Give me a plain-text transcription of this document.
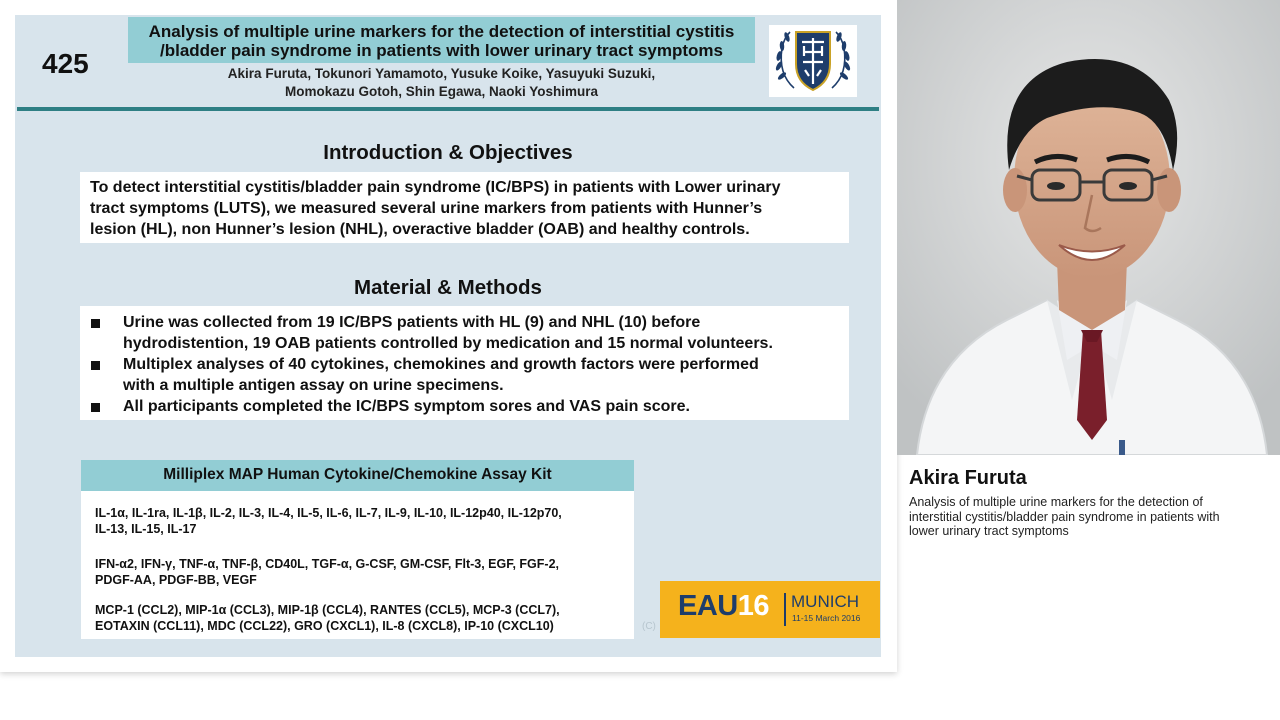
425
Analysis of multiple urine markers for the detection of interstitial cystitis
/bladder pain syndrome in patients with lower urinary tract symptoms
Akira Furuta, Tokunori Yamamoto, Yusuke Koike, Yasuyuki Suzuki,
Momokazu Gotoh, Shin Egawa, Naoki Yoshimura
Introduction & Objectives
To detect interstitial cystitis/bladder pain syndrome (IC/BPS) in patients with Lower urinary
tract symptoms (LUTS), we measured several urine markers from patients with Hunner’s
lesion (HL), non Hunner’s lesion (NHL), overactive bladder (OAB) and healthy controls.
Material & Methods
Urine was collected from 19 IC/BPS patients with HL (9) and NHL (10) before
hydrodistention, 19 OAB patients controlled by medication and 15 normal volunteers.
Multiplex analyses of 40 cytokines, chemokines and growth factors were performed
with a multiple antigen assay on urine specimens.
All participants completed the IC/BPS symptom sores and VAS pain score.
Milliplex MAP Human Cytokine/Chemokine Assay Kit
IL-1α, IL-1ra, IL-1β, IL-2, IL-3, IL-4, IL-5, IL-6, IL-7, IL-9, IL-10, IL-12p40, IL-12p70,
IL-13, IL-15, IL-17
IFN-α2, IFN-γ, TNF-α, TNF-β, CD40L, TGF-α, G-CSF, GM-CSF, Flt-3, EGF, FGF-2,
PDGF-AA, PDGF-BB, VEGF
MCP-1 (CCL2), MIP-1α (CCL3), MIP-1β (CCL4), RANTES (CCL5), MCP-3 (CCL7),
EOTAXIN (CCL11), MDC (CCL22), GRO (CXCL1), IL-8 (CXCL8), IP-10 (CXCL10)	(C)
EAU16 MUNICH
11-15 March 2016
Akira Furuta
Analysis of multiple urine markers for the detection of
interstitial cystitis/bladder pain syndrome in patients with
lower urinary tract symptoms
